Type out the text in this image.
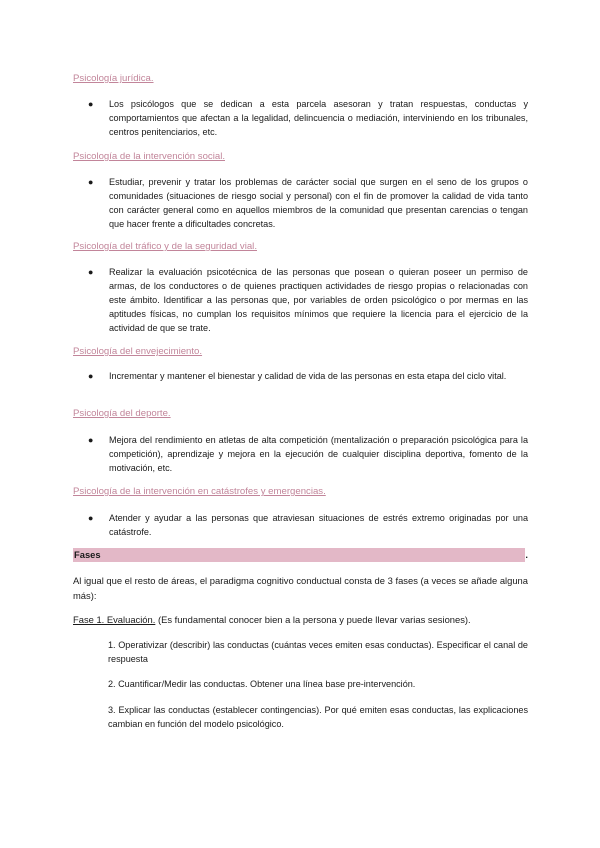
Psicología jurídica.
●	Los psicólogos que se dedican a esta parcela asesoran y tratan respuestas, conductas y comportamientos que afectan a la legalidad, delincuencia o mediación, interviniendo en los tribunales, centros penitenciarios, etc.
Psicología de la intervención social.
●	Estudiar, prevenir y tratar los problemas de carácter social que surgen en el seno de los grupos o comunidades (situaciones de riesgo social y personal) con el fin de promover la calidad de vida tanto con carácter general como en aquellos miembros de la comunidad que presentan carencias o tengan que hacer frente a dificultades concretas.
Psicología del tráfico y de la seguridad vial.
●	Realizar la evaluación psicotécnica de las personas que posean o quieran poseer un permiso de armas, de los conductores o de quienes practiquen actividades de riesgo propias o relacionadas con este ámbito. Identificar a las personas que, por variables de orden psicológico o por mermas en las aptitudes físicas, no cumplan los requisitos mínimos que requiere la licencia para el ejercicio de la actividad de que se trate.
Psicología del envejecimiento.
●	Incrementar y mantener el bienestar y calidad de vida de las personas en esta etapa del ciclo vital.
Psicología del deporte.
●	Mejora del rendimiento en atletas de alta competición (mentalización o preparación psicológica para la competición), aprendizaje y mejora en la ejecución de cualquier disciplina deportiva, fomento de la motivación, etc.
Psicología de la intervención en catástrofes y emergencias.
●	Atender y ayudar a las personas que atraviesan situaciones de estrés extremo originadas por una catástrofe.
Fases	.
Al igual que el resto de áreas, el paradigma cognitivo conductual consta de 3 fases (a veces se añade alguna más):
Fase 1. Evaluación. (Es fundamental conocer bien a la persona y puede llevar varias sesiones).
1. Operativizar (describir) las conductas (cuántas veces emiten esas conductas). Especificar el canal de respuesta
2. Cuantificar/Medir las conductas. Obtener una línea base pre-intervención.
3. Explicar las conductas (establecer contingencias). Por qué emiten esas conductas, las explicaciones cambian en función del modelo psicológico.
